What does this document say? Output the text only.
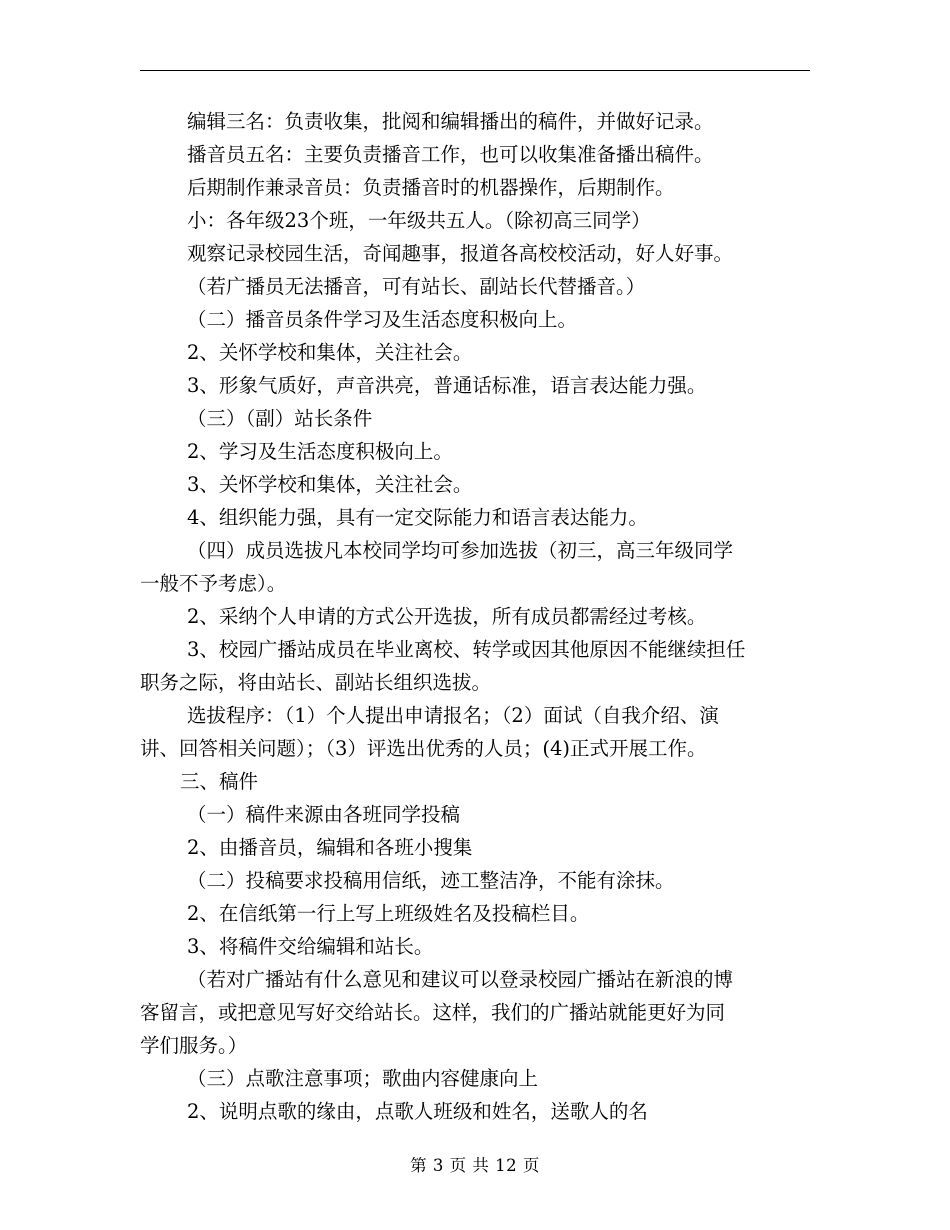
编辑三名：负责收集，批阅和编辑播出的稿件，并做好记录。
播音员五名：主要负责播音工作，也可以收集准备播出稿件。
后期制作兼录音员：负责播音时的机器操作，后期制作。
小：各年级23个班，一年级共五人。（除初高三同学）
观察记录校园生活，奇闻趣事，报道各高校校活动，好人好事。
（若广播员无法播音，可有站长、副站长代替播音。）
（二）播音员条件学习及生活态度积极向上。
2、关怀学校和集体，关注社会。
3、形象气质好，声音洪亮，普通话标准，语言表达能力强。
（三）（副）站长条件
2、学习及生活态度积极向上。
3、关怀学校和集体，关注社会。
4、组织能力强，具有一定交际能力和语言表达能力。
（四）成员选拔凡本校同学均可参加选拔（初三，高三年级同学
一般不予考虑）。
2、采纳个人申请的方式公开选拔，所有成员都需经过考核。
3、校园广播站成员在毕业离校、转学或因其他原因不能继续担任
职务之际，将由站长、副站长组织选拔。
选拔程序：（1）个人提出申请报名；（2）面试（自我介绍、演
讲、回答相关问题）；（3）评选出优秀的人员；(4)正式开展工作。
三、稿件
（一）稿件来源由各班同学投稿
2、由播音员，编辑和各班小搜集
（二）投稿要求投稿用信纸，迹工整洁净，不能有涂抹。
2、在信纸第一行上写上班级姓名及投稿栏目。
3、将稿件交给编辑和站长。
（若对广播站有什么意见和建议可以登录校园广播站在新浪的博
客留言，或把意见写好交给站长。这样，我们的广播站就能更好为同
学们服务。）
（三）点歌注意事项；歌曲内容健康向上
2、说明点歌的缘由，点歌人班级和姓名，送歌人的名
第 3 页 共 12 页
